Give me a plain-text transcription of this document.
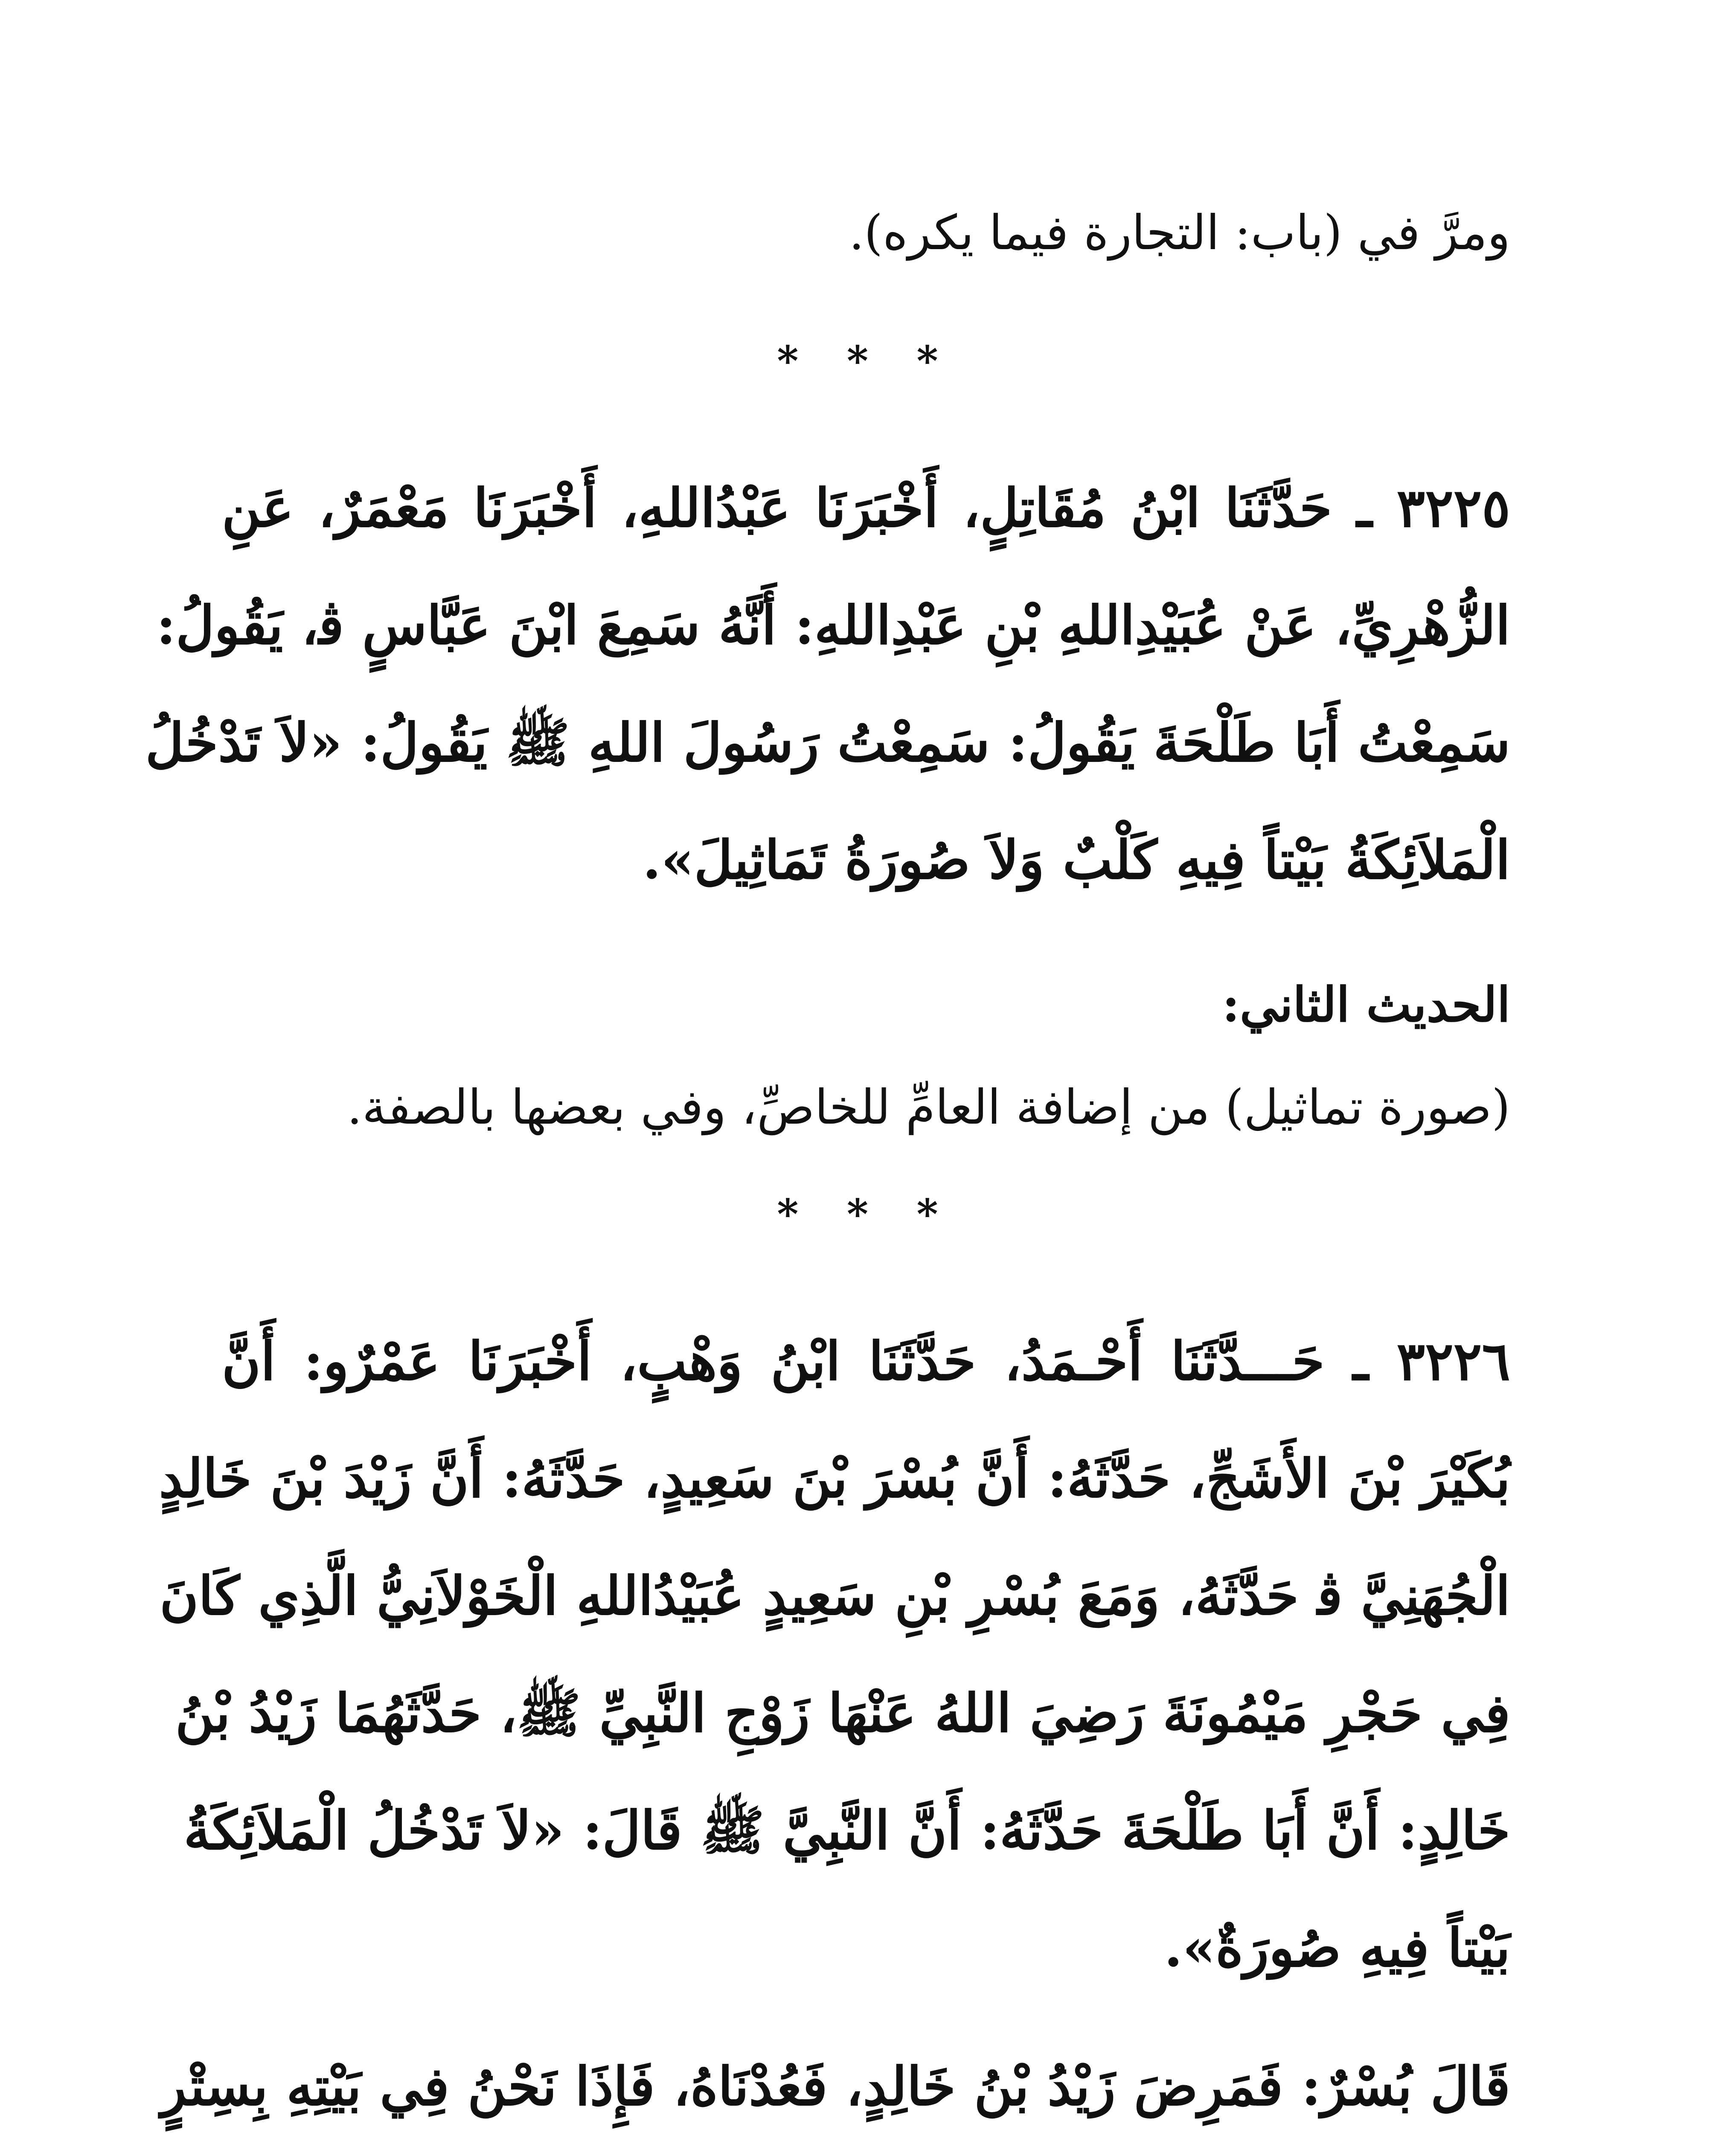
ومرَّ في (باب: التجارة فيما يكره).
* * *
٣٢٢٥ ـ حَدَّثَنَا ابْنُ مُقَاتِلٍ، أَخْبَرَنَا عَبْدُاللهِ، أَخْبَرَنَا مَعْمَرٌ، عَنِ
الزُّهْرِيِّ، عَنْ عُبَيْدِاللهِ بْنِ عَبْدِاللهِ: أَنَّهُ سَمِعَ ابْنَ عَبَّاسٍ ﭬ، يَقُولُ:
سَمِعْتُ أَبَا طَلْحَةَ يَقُولُ: سَمِعْتُ رَسُولَ اللهِ ﷺ يَقُولُ: «لاَ تَدْخُلُ
الْمَلاَئِكَةُ بَيْتاً فِيهِ كَلْبٌ وَلاَ صُورَةُ تَمَاثِيلَ».
الحديث الثاني:
(صورة تماثيل) من إضافة العامِّ للخاصِّ، وفي بعضها بالصفة.
* * *
٣٢٢٦ ـ حَـــدَّثَنَا أَحْـمَدُ، حَدَّثَنَا ابْنُ وَهْبٍ، أَخْبَرَنَا عَمْرٌو: أَنَّ
بُكَيْرَ بْنَ الأَشَجِّ، حَدَّثَهُ: أَنَّ بُسْرَ بْنَ سَعِيدٍ، حَدَّثَهُ: أَنَّ زَيْدَ بْنَ خَالِدٍ
الْجُهَنِيَّ ﭬ حَدَّثَهُ، وَمَعَ بُسْرِ بْنِ سَعِيدٍ عُبَيْدُاللهِ الْخَوْلاَنِيُّ الَّذِي كَانَ
فِي حَجْرِ مَيْمُونَةَ رَضِيَ اللهُ عَنْهَا زَوْجِ النَّبِيِّ ﷺ، حَدَّثَهُمَا زَيْدُ بْنُ
خَالِدٍ: أَنَّ أَبَا طَلْحَةَ حَدَّثَهُ: أَنَّ النَّبِيَّ ﷺ قَالَ: «لاَ تَدْخُلُ الْمَلاَئِكَةُ
بَيْتاً فِيهِ صُورَةٌ».
قَالَ بُسْرٌ: فَمَرِضَ زَيْدُ بْنُ خَالِدٍ، فَعُدْنَاهُ، فَإِذَا نَحْنُ فِي بَيْتِهِ بِسِتْرٍ
